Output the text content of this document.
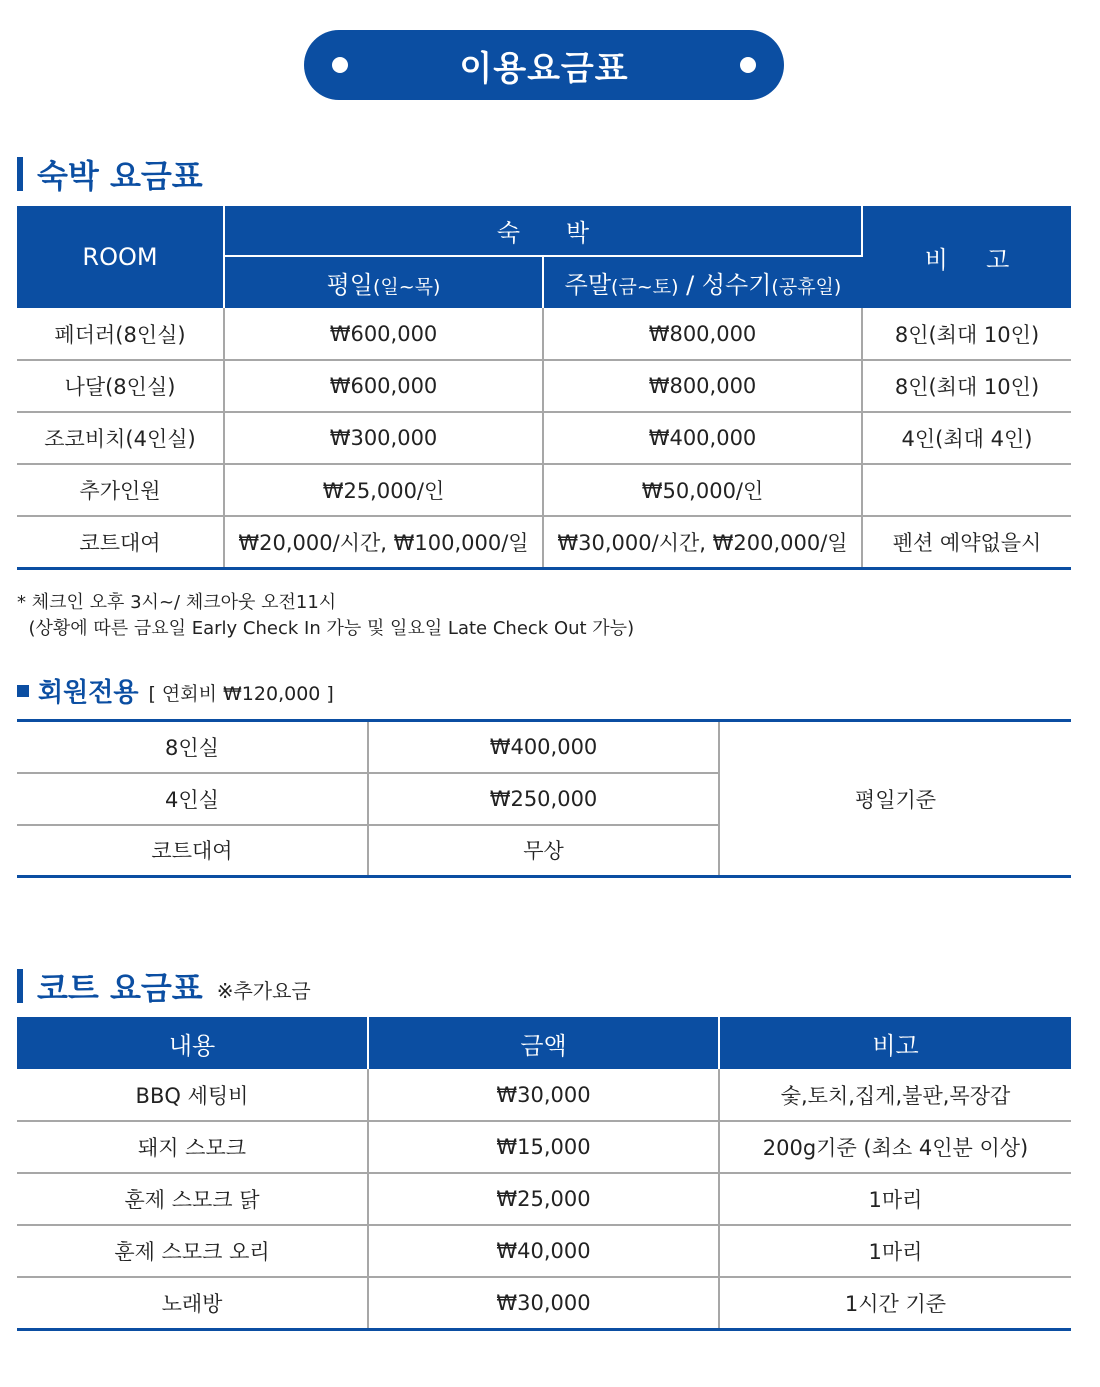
이용요금표
숙박 요금표
ROOM	숙      박		비     고
	평일(일~목)	주말(금~토) / 성수기(공휴일)	
페더러(8인실)	₩600,000	₩800,000	8인(최대 10인)
나달(8인실)	₩600,000	₩800,000	8인(최대 10인)
조코비치(4인실)	₩300,000	₩400,000	4인(최대 4인)
추가인원	₩25,000/인	₩50,000/인	
코트대여	₩20,000/시간, ₩100,000/일	₩30,000/시간, ₩200,000/일	펜션 예약없을시
* 체크인 오후 3시~/ 체크아웃 오전11시
(상황에 따른 금요일 Early Check In 가능 및 일요일 Late Check Out 가능)
회원전용 [ 연회비 ₩120,000 ]
8인실	₩400,000	평일기준
4인실	₩250,000	
코트대여	무상	
코트 요금표 ※추가요금
내용	금액	비고
BBQ 세팅비	₩30,000	숯,토치,집게,불판,목장갑
돼지 스모크	₩15,000	200g기준 (최소 4인분 이상)
훈제 스모크 닭	₩25,000	1마리
훈제 스모크 오리	₩40,000	1마리
노래방	₩30,000	1시간 기준
